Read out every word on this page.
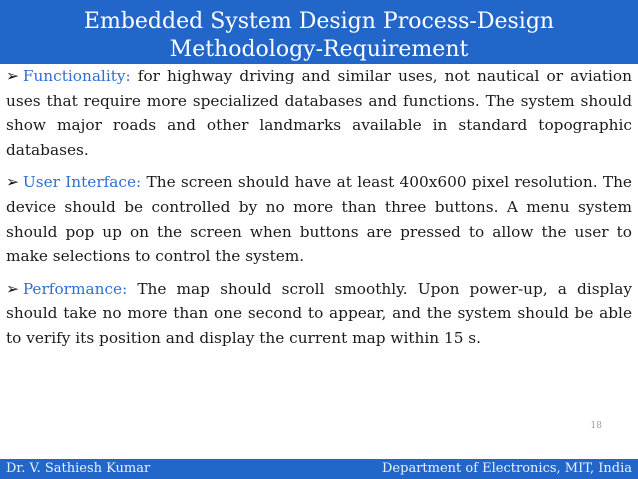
Embedded System Design Process-Design
Methodology-Requirement

➢ Functionality: for highway driving and similar uses, not nautical or aviation uses that require more specialized databases and functions. The system should show major roads and other landmarks available in standard topographic databases.

➢ User Interface: The screen should have at least 400x600 pixel resolution. The device should be controlled by no more than three buttons. A menu system should pop up on the screen when buttons are pressed to allow the user to make selections to control the system.

➢ Performance: The map should scroll smoothly. Upon power-up, a display should take no more than one second to appear, and the system should be able to verify its position and display the current map within 15 s.

18
Dr. V. Sathiesh Kumar	Department of Electronics, MIT, India
